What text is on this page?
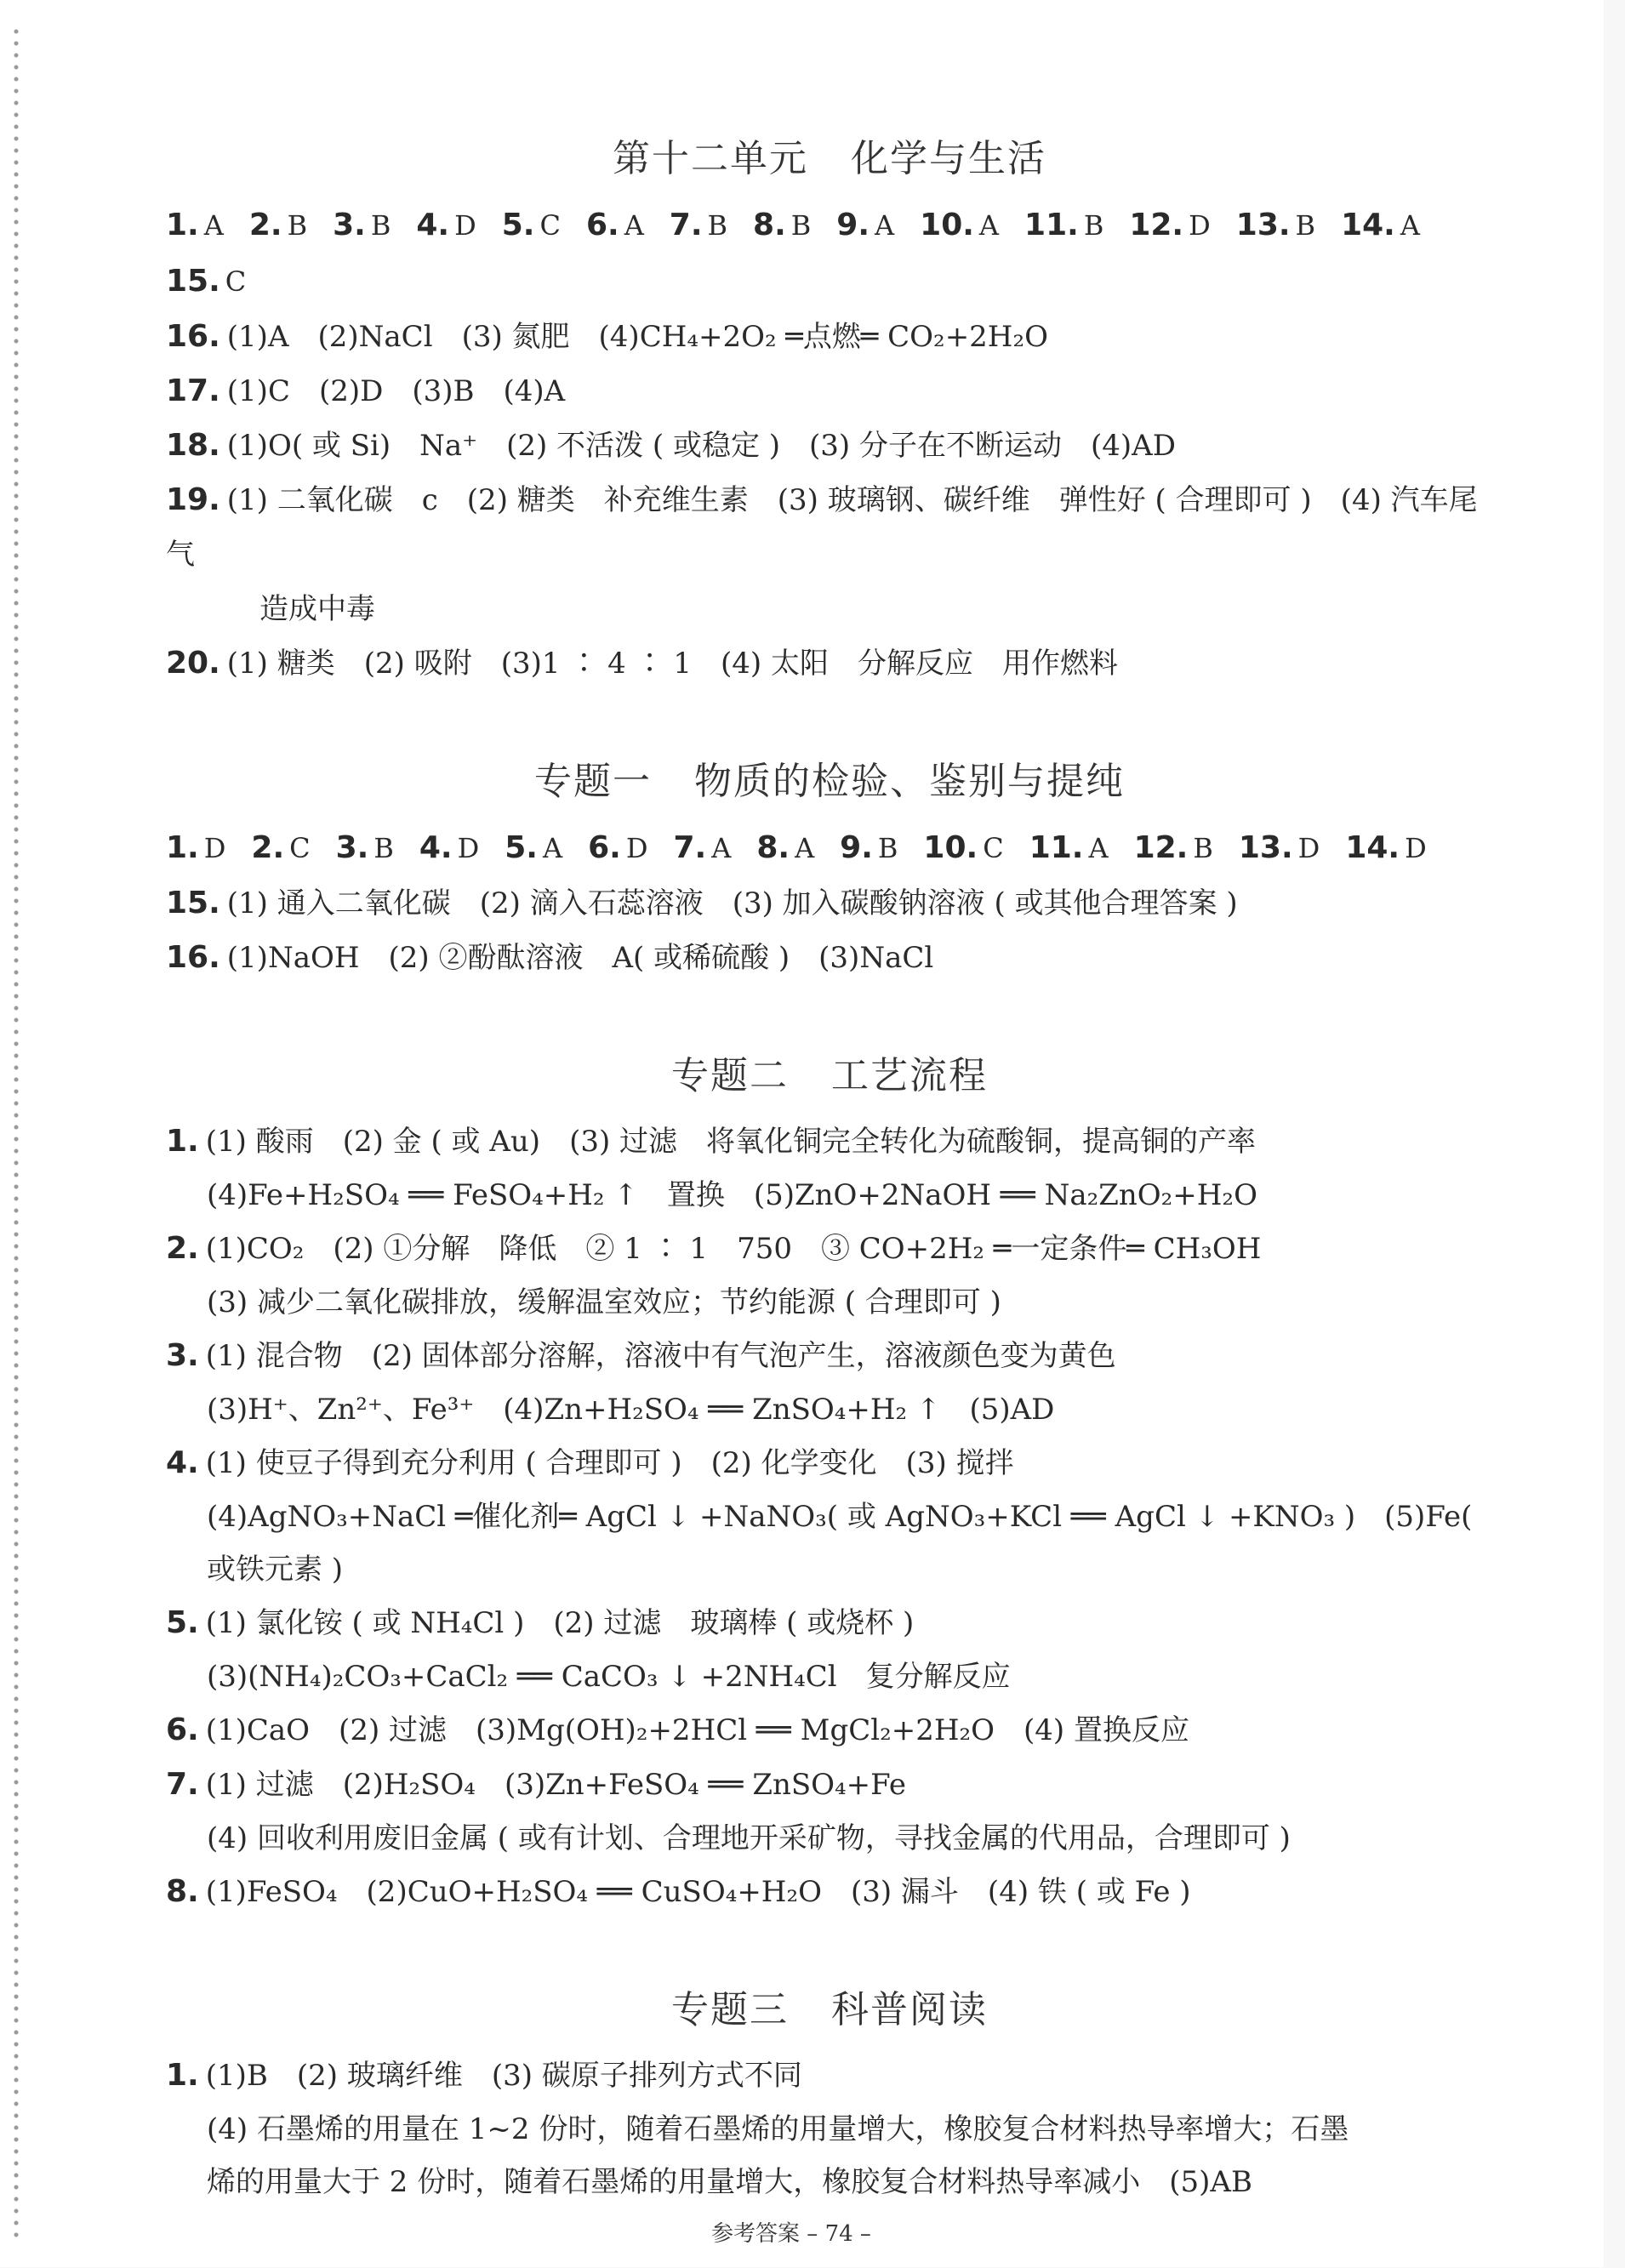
第十二单元 化学与生活
1. A 2. B 3. B 4. D 5. C 6. A 7. B 8. B 9. A 10. A 11. B 12. D 13. B 14. A15. C
16. (1)A　(2)NaCl　(3) 氮肥　(4)CH₄+2O₂ ═点燃═ CO₂+2H₂O
17. (1)C　(2)D　(3)B　(4)A
18. (1)O( 或 Si)　Na⁺　(2) 不活泼 ( 或稳定 )　(3) 分子在不断运动　(4)AD
19. (1) 二氧化碳　c　(2) 糖类　补充维生素　(3) 玻璃钢、碳纤维　弹性好 ( 合理即可 )　(4) 汽车尾气
造成中毒
20. (1) 糖类　(2) 吸附　(3)1 ∶ 4 ∶ 1　(4) 太阳　分解反应　用作燃料
专题一 物质的检验、鉴别与提纯
1. D 2. C 3. B 4. D 5. A 6. D 7. A 8. A 9. B 10. C 11. A 12. B 13. D 14. D
15. (1) 通入二氧化碳　(2) 滴入石蕊溶液　(3) 加入碳酸钠溶液 ( 或其他合理答案 )
16. (1)NaOH　(2) ②酚酞溶液　A( 或稀硫酸 )　(3)NaCl
专题二 工艺流程
1. (1) 酸雨　(2) 金 ( 或 Au)　(3) 过滤　将氧化铜完全转化为硫酸铜，提高铜的产率
(4)Fe+H₂SO₄ ══ FeSO₄+H₂ ↑　置换　(5)ZnO+2NaOH ══ Na₂ZnO₂+H₂O
2. (1)CO₂　(2) ①分解　降低　② 1 ∶ 1　750　③ CO+2H₂ ═一定条件═ CH₃OH
(3) 减少二氧化碳排放，缓解温室效应；节约能源 ( 合理即可 )
3. (1) 混合物　(2) 固体部分溶解，溶液中有气泡产生，溶液颜色变为黄色
(3)H⁺、Zn²⁺、Fe³⁺　(4)Zn+H₂SO₄ ══ ZnSO₄+H₂ ↑　(5)AD
4. (1) 使豆子得到充分利用 ( 合理即可 )　(2) 化学变化　(3) 搅拌
(4)AgNO₃+NaCl ═催化剂═ AgCl ↓ +NaNO₃( 或 AgNO₃+KCl ══ AgCl ↓ +KNO₃ )　(5)Fe( 或铁元素 )
5. (1) 氯化铵 ( 或 NH₄Cl )　(2) 过滤　玻璃棒 ( 或烧杯 )
(3)(NH₄)₂CO₃+CaCl₂ ══ CaCO₃ ↓ +2NH₄Cl　复分解反应
6. (1)CaO　(2) 过滤　(3)Mg(OH)₂+2HCl ══ MgCl₂+2H₂O　(4) 置换反应
7. (1) 过滤　(2)H₂SO₄　(3)Zn+FeSO₄ ══ ZnSO₄+Fe
(4) 回收利用废旧金属 ( 或有计划、合理地开采矿物，寻找金属的代用品，合理即可 )
8. (1)FeSO₄　(2)CuO+H₂SO₄ ══ CuSO₄+H₂O　(3) 漏斗　(4) 铁 ( 或 Fe )
专题三 科普阅读
1. (1)B　(2) 玻璃纤维　(3) 碳原子排列方式不同
(4) 石墨烯的用量在 1~2 份时，随着石墨烯的用量增大，橡胶复合材料热导率增大；石墨
烯的用量大于 2 份时，随着石墨烯的用量增大，橡胶复合材料热导率减小　(5)AB
参考答案 – 74 –
